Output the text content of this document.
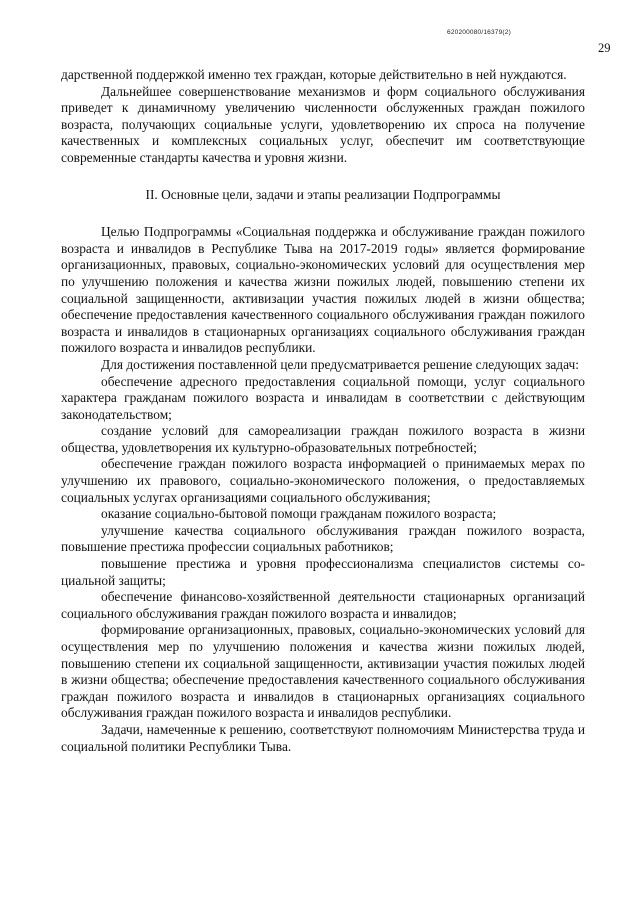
620200080/16379(2)
29

дарственной поддержкой именно тех граждан, которые действительно в ней нуждаются.

Дальнейшее совершенствование механизмов и форм социального обслуживания приведет к динамичному увеличению численности обслуженных граждан пожилого возраста, получающих социальные услуги, удовлетворению их спроса на получение качественных и комплексных социальных услуг, обеспечит им соответствующие современные стандарты качества и уровня жизни.

II. Основные цели, задачи и этапы реализации Подпрограммы

Целью Подпрограммы «Социальная поддержка и обслуживание граждан пожилого возраста и инвалидов в Республике Тыва на 2017-2019 годы» является формирование организационных, правовых, социально-экономических условий для осуществления мер по улучшению положения и качества жизни пожилых людей, повышению степени их социальной защищенности, активизации участия пожилых людей в жизни общества; обеспечение предоставления качественного социального обслуживания граждан пожилого возраста и инвалидов в стационарных организациях социального обслуживания граждан пожилого возраста и инвалидов республики.

Для достижения поставленной цели предусматривается решение следующих задач:

обеспечение адресного предоставления социальной помощи, услуг социального характера гражданам пожилого возраста и инвалидам в соответствии с действующим законодательством;

создание условий для самореализации граждан пожилого возраста в жизни общества, удовлетворения их культурно-образовательных потребностей;

обеспечение граждан пожилого возраста информацией о принимаемых мерах по улучшению их правового, социально-экономического положения, о предоставляемых социальных услугах организациями социального обслуживания;

оказание социально-бытовой помощи гражданам пожилого возраста;

улучшение качества социального обслуживания граждан пожилого возраста, повышение престижа профессии социальных работников;

повышение престижа и уровня профессионализма специалистов системы социальной защиты;

обеспечение финансово-хозяйственной деятельности стационарных организаций социального обслуживания граждан пожилого возраста и инвалидов;

формирование организационных, правовых, социально-экономических условий для осуществления мер по улучшению положения и качества жизни пожилых людей, повышению степени их социальной защищенности, активизации участия пожилых людей в жизни общества; обеспечение предоставления качественного социального обслуживания граждан пожилого возраста и инвалидов в стационарных организациях социального обслуживания граждан пожилого возраста и инвалидов республики.

Задачи, намеченные к решению, соответствуют полномочиям Министерства труда и социальной политики Республики Тыва.
